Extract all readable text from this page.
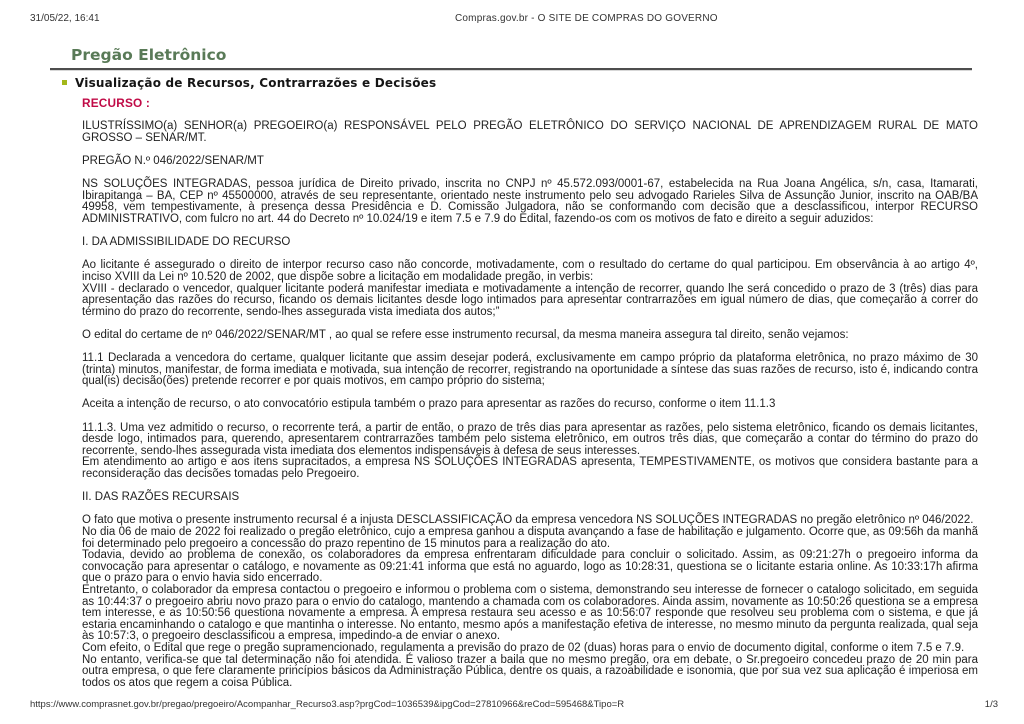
31/05/22, 16:41	Compras.gov.br - O SITE DE COMPRAS DO GOVERNO
Pregão Eletrônico
Visualização de Recursos, Contrarrazões e Decisões

RECURSO :

ILUSTRÍSSIMO(a) SENHOR(a) PREGOEIRO(a) RESPONSÁVEL PELO PREGÃO ELETRÔNICO DO SERVIÇO NACIONAL DE APRENDIZAGEM RURAL DE MATO GROSSO – SENAR/MT.

PREGÃO N.º 046/2022/SENAR/MT

NS SOLUÇÕES INTEGRADAS, pessoa jurídica de Direito privado, inscrita no CNPJ nº 45.572.093/0001-67, estabelecida na Rua Joana Angélica, s/n, casa, Itamarati, Ibirapitanga – BA, CEP nº 45500000, através de seu representante, orientado neste instrumento pelo seu advogado Rarieles Silva de Assunção Junior, inscrito na OAB/BA 49958, vem tempestivamente, à presença dessa Presidência e D. Comissão Julgadora, não se conformando com decisão que a desclassificou, interpor RECURSO ADMINISTRATIVO, com fulcro no art. 44 do Decreto nº 10.024/19 e item 7.5 e 7.9 do Edital, fazendo-os com os motivos de fato e direito a seguir aduzidos:

I. DA ADMISSIBILIDADE DO RECURSO

Ao licitante é assegurado o direito de interpor recurso caso não concorde, motivadamente, com o resultado do certame do qual participou. Em observância à ao artigo 4º, inciso XVIII da Lei nº 10.520 de 2002, que dispõe sobre a licitação em modalidade pregão, in verbis:

XVIII - declarado o vencedor, qualquer licitante poderá manifestar imediata e motivadamente a intenção de recorrer, quando lhe será concedido o prazo de 3 (três) dias para apresentação das razões do recurso, ficando os demais licitantes desde logo intimados para apresentar contrarrazões em igual número de dias, que começarão a correr do término do prazo do recorrente, sendo-lhes assegurada vista imediata dos autos;”

O edital do certame de nº 046/2022/SENAR/MT , ao qual se refere esse instrumento recursal, da mesma maneira assegura tal direito, senão vejamos:

11.1 Declarada a vencedora do certame, qualquer licitante que assim desejar poderá, exclusivamente em campo próprio da plataforma eletrônica, no prazo máximo de 30 (trinta) minutos, manifestar, de forma imediata e motivada, sua intenção de recorrer, registrando na oportunidade a síntese das suas razões de recurso, isto é, indicando contra qual(is) decisão(ões) pretende recorrer e por quais motivos, em campo próprio do sistema;

Aceita a intenção de recurso, o ato convocatório estipula também o prazo para apresentar as razões do recurso, conforme o item 11.1.3

11.1.3. Uma vez admitido o recurso, o recorrente terá, a partir de então, o prazo de três dias para apresentar as razões, pelo sistema eletrônico, ficando os demais licitantes, desde logo, intimados para, querendo, apresentarem contrarrazões também pelo sistema eletrônico, em outros três dias, que começarão a contar do término do prazo do recorrente, sendo-lhes assegurada vista imediata dos elementos indispensáveis à defesa de seus interesses.

Em atendimento ao artigo e aos itens supracitados, a empresa NS SOLUÇÕES INTEGRADAS apresenta, TEMPESTIVAMENTE, os motivos que considera bastante para a reconsideração das decisões tomadas pelo Pregoeiro.

II. DAS RAZÕES RECURSAIS

O fato que motiva o presente instrumento recursal é a injusta DESCLASSIFICAÇÃO da empresa vencedora NS SOLUÇÕES INTEGRADAS no pregão eletrônico nº 046/2022.

No dia 06 de maio de 2022 foi realizado o pregão eletrônico, cujo a empresa ganhou a disputa avançando a fase de habilitação e julgamento. Ocorre que, as 09:56h da manhã foi determinado pelo pregoeiro a concessão do prazo repentino de 15 minutos para a realização do ato.

Todavia, devido ao problema de conexão, os colaboradores da empresa enfrentaram dificuldade para concluir o solicitado. Assim, as 09:21:27h o pregoeiro informa da convocação para apresentar o catálogo, e novamente as 09:21:41 informa que está no aguardo, logo as 10:28:31, questiona se o licitante estaria online. As 10:33:17h afirma que o prazo para o envio havia sido encerrado.

Entretanto, o colaborador da empresa contactou o pregoeiro e informou o problema com o sistema, demonstrando seu interesse de fornecer o catalogo solicitado, em seguida as 10:44:37 o pregoeiro abriu novo prazo para o envio do catalogo, mantendo a chamada com os colaboradores. Ainda assim, novamente as 10:50:26 questiona se a empresa tem interesse, e as 10:50:56 questiona novamente a empresa. A empresa restaura seu acesso e as 10:56:07 responde que resolveu seu problema com o sistema, e que já estaria encaminhando o catalogo e que mantinha o interesse. No entanto, mesmo após a manifestação efetiva de interesse, no mesmo minuto da pergunta realizada, qual seja às 10:57:3, o pregoeiro desclassificou a empresa, impedindo-a de enviar o anexo.

Com efeito, o Edital que rege o pregão supramencionado, regulamenta a previsão do prazo de 02 (duas) horas para o envio de documento digital, conforme o item 7.5 e 7.9.

No entanto, verifica-se que tal determinação não foi atendida. É valioso trazer a baila que no mesmo pregão, ora em debate, o Sr.pregoeiro concedeu prazo de 20 min para outra empresa, o que fere claramente princípios básicos da Administração Pública, dentre os quais, a razoabilidade e isonomia, que por sua vez sua aplicação é imperiosa em todos os atos que regem a coisa Pública.

https://www.comprasnet.gov.br/pregao/pregoeiro/Acompanhar_Recurso3.asp?prgCod=1036539&ipgCod=27810966&reCod=595468&Tipo=R	1/3
